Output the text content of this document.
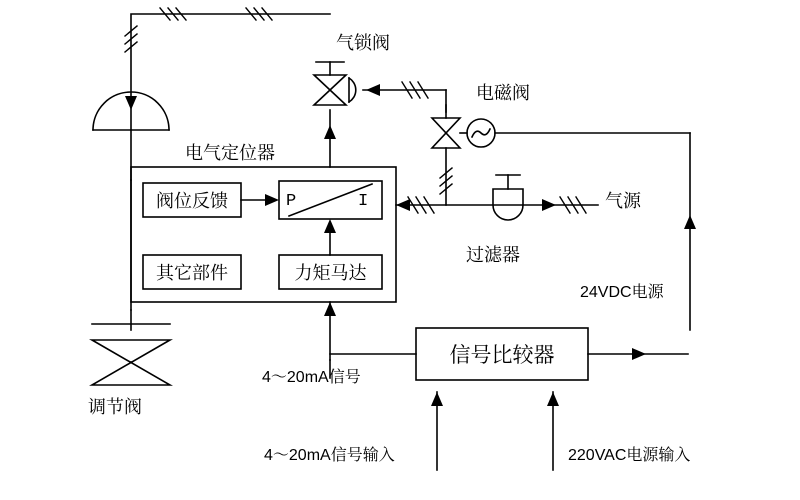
气锁阀
电磁阀
电气定位器
阀位反馈
其它部件	力矩马达
P	I
过滤器
气源
24VDC电源
信号比较器
调节阀
4～20mA信号
4～20mA信号输入	220VAC电源输入
